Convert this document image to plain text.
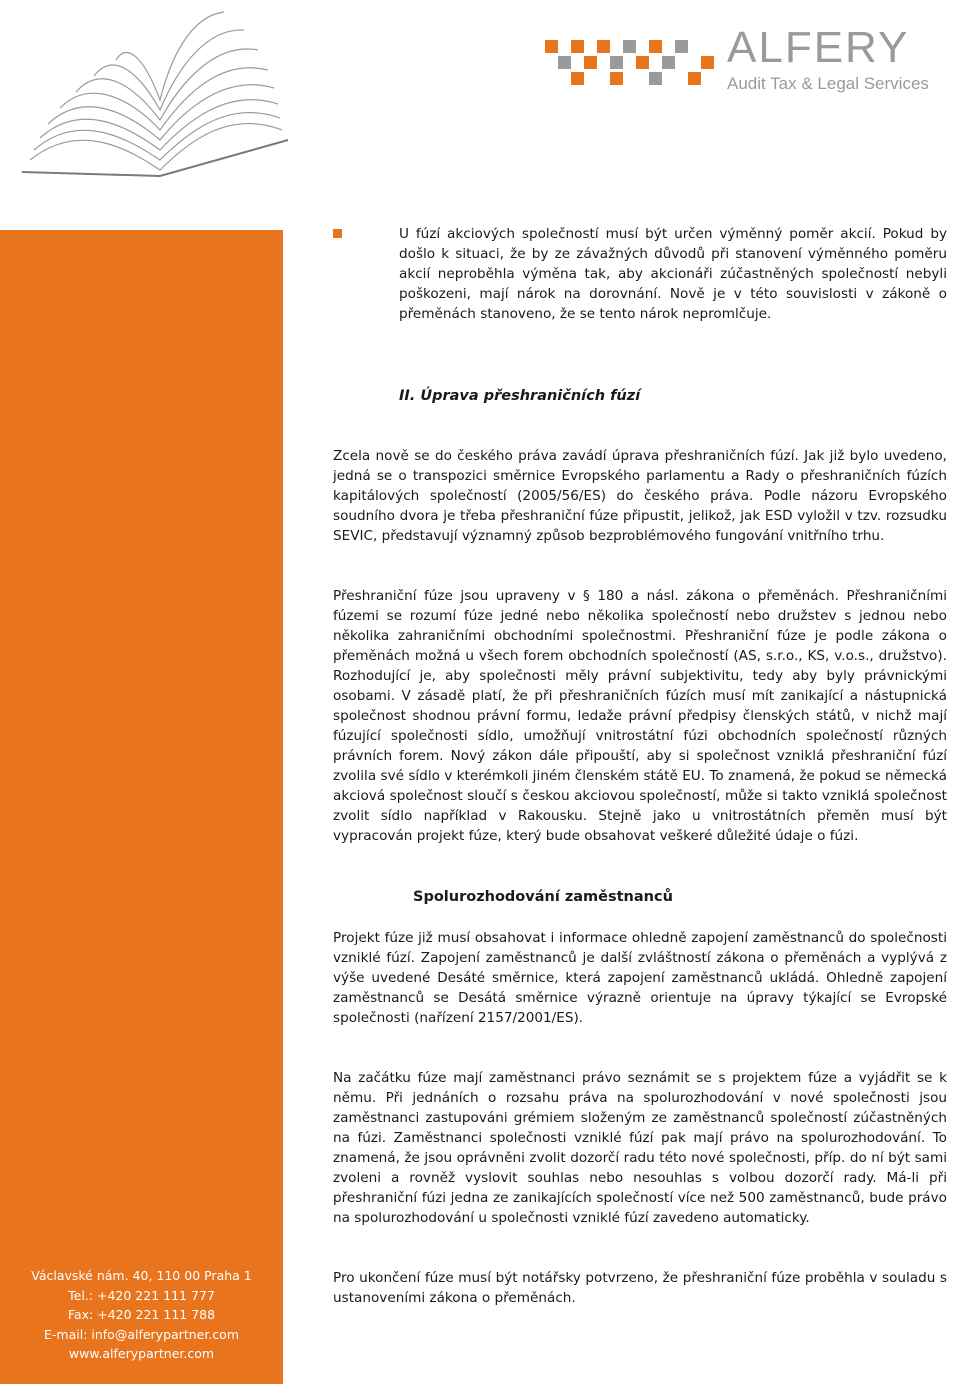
ALFERY
Audit Tax & Legal Services
Václavské nám. 40, 110 00 Praha 1
Tel.: +420 221 111 777
Fax: +420 221 111 788
E-mail: info@alferypartner.com
www.alferypartner.com

U fúzí akciových společností musí být určen výměnný poměr akcií. Pokud by došlo k situaci, že by ze závažných důvodů při stanovení výměnného poměru akcií neproběhla výměna tak, aby akcionáři zúčastněných společností nebyli poškozeni, mají nárok na dorovnání. Nově je v této souvislosti v zákoně o přeměnách stanoveno, že se tento nárok nepromlčuje.

II. Úprava přeshraničních fúzí

Zcela nově se do českého práva zavádí úprava přeshraničních fúzí. Jak již bylo uvedeno, jedná se o transpozici směrnice Evropského parlamentu a Rady o přeshraničních fúzích kapitálových společností (2005/56/ES) do českého práva. Podle názoru Evropského soudního dvora je třeba přeshraniční fúze připustit, jelikož, jak ESD vyložil v tzv. rozsudku SEVIC, představují významný způsob bezproblémového fungování vnitřního trhu.

Přeshraniční fúze jsou upraveny v § 180 a násl. zákona o přeměnách. Přeshraničními fúzemi se rozumí fúze jedné nebo několika společností nebo družstev s jednou nebo několika zahraničními obchodními společnostmi. Přeshraniční fúze je podle zákona o přeměnách možná u všech forem obchodních společností (AS, s.r.o., KS, v.o.s., družstvo). Rozhodující je, aby společnosti měly právní subjektivitu, tedy aby byly právnickými osobami. V zásadě platí, že při přeshraničních fúzích musí mít zanikající a nástupnická společnost shodnou právní formu, ledaže právní předpisy členských států, v nichž mají fúzující společnosti sídlo, umožňují vnitrostátní fúzi obchodních společností různých právních forem. Nový zákon dále připouští, aby si společnost vzniklá přeshraniční fúzí zvolila své sídlo v kterémkoli jiném členském státě EU. To znamená, že pokud se německá akciová společnost sloučí s českou akciovou společností, může si takto vzniklá společnost zvolit sídlo například v Rakousku. Stejně jako u vnitrostátních přeměn musí být vypracován projekt fúze, který bude obsahovat veškeré důležité údaje o fúzi.

Spolurozhodování zaměstnanců

Projekt fúze již musí obsahovat i informace ohledně zapojení zaměstnanců do společnosti vzniklé fúzí. Zapojení zaměstnanců je další zvláštností zákona o přeměnách a vyplývá z výše uvedené Desáté směrnice, která zapojení zaměstnanců ukládá. Ohledně zapojení zaměstnanců se Desátá směrnice výrazně orientuje na úpravy týkající se Evropské společnosti (nařízení 2157/2001/ES).

Na začátku fúze mají zaměstnanci právo seznámit se s projektem fúze a vyjádřit se k němu. Při jednáních o rozsahu práva na spolurozhodování v nové společnosti jsou zaměstnanci zastupováni grémiem složeným ze zaměstnanců společností zúčastněných na fúzi. Zaměstnanci společnosti vzniklé fúzí pak mají právo na spolurozhodování. To znamená, že jsou oprávněni zvolit dozorčí radu této nové společnosti, příp. do ní být sami zvoleni a rovněž vyslovit souhlas nebo nesouhlas s volbou dozorčí rady. Má-li při přeshraniční fúzi jedna ze zanikajících společností více než 500 zaměstnanců, bude právo na spolurozhodování u společnosti vzniklé fúzí zavedeno automaticky.

Pro ukončení fúze musí být notářsky potvrzeno, že přeshraniční fúze proběhla v souladu s ustanoveními zákona o přeměnách.
